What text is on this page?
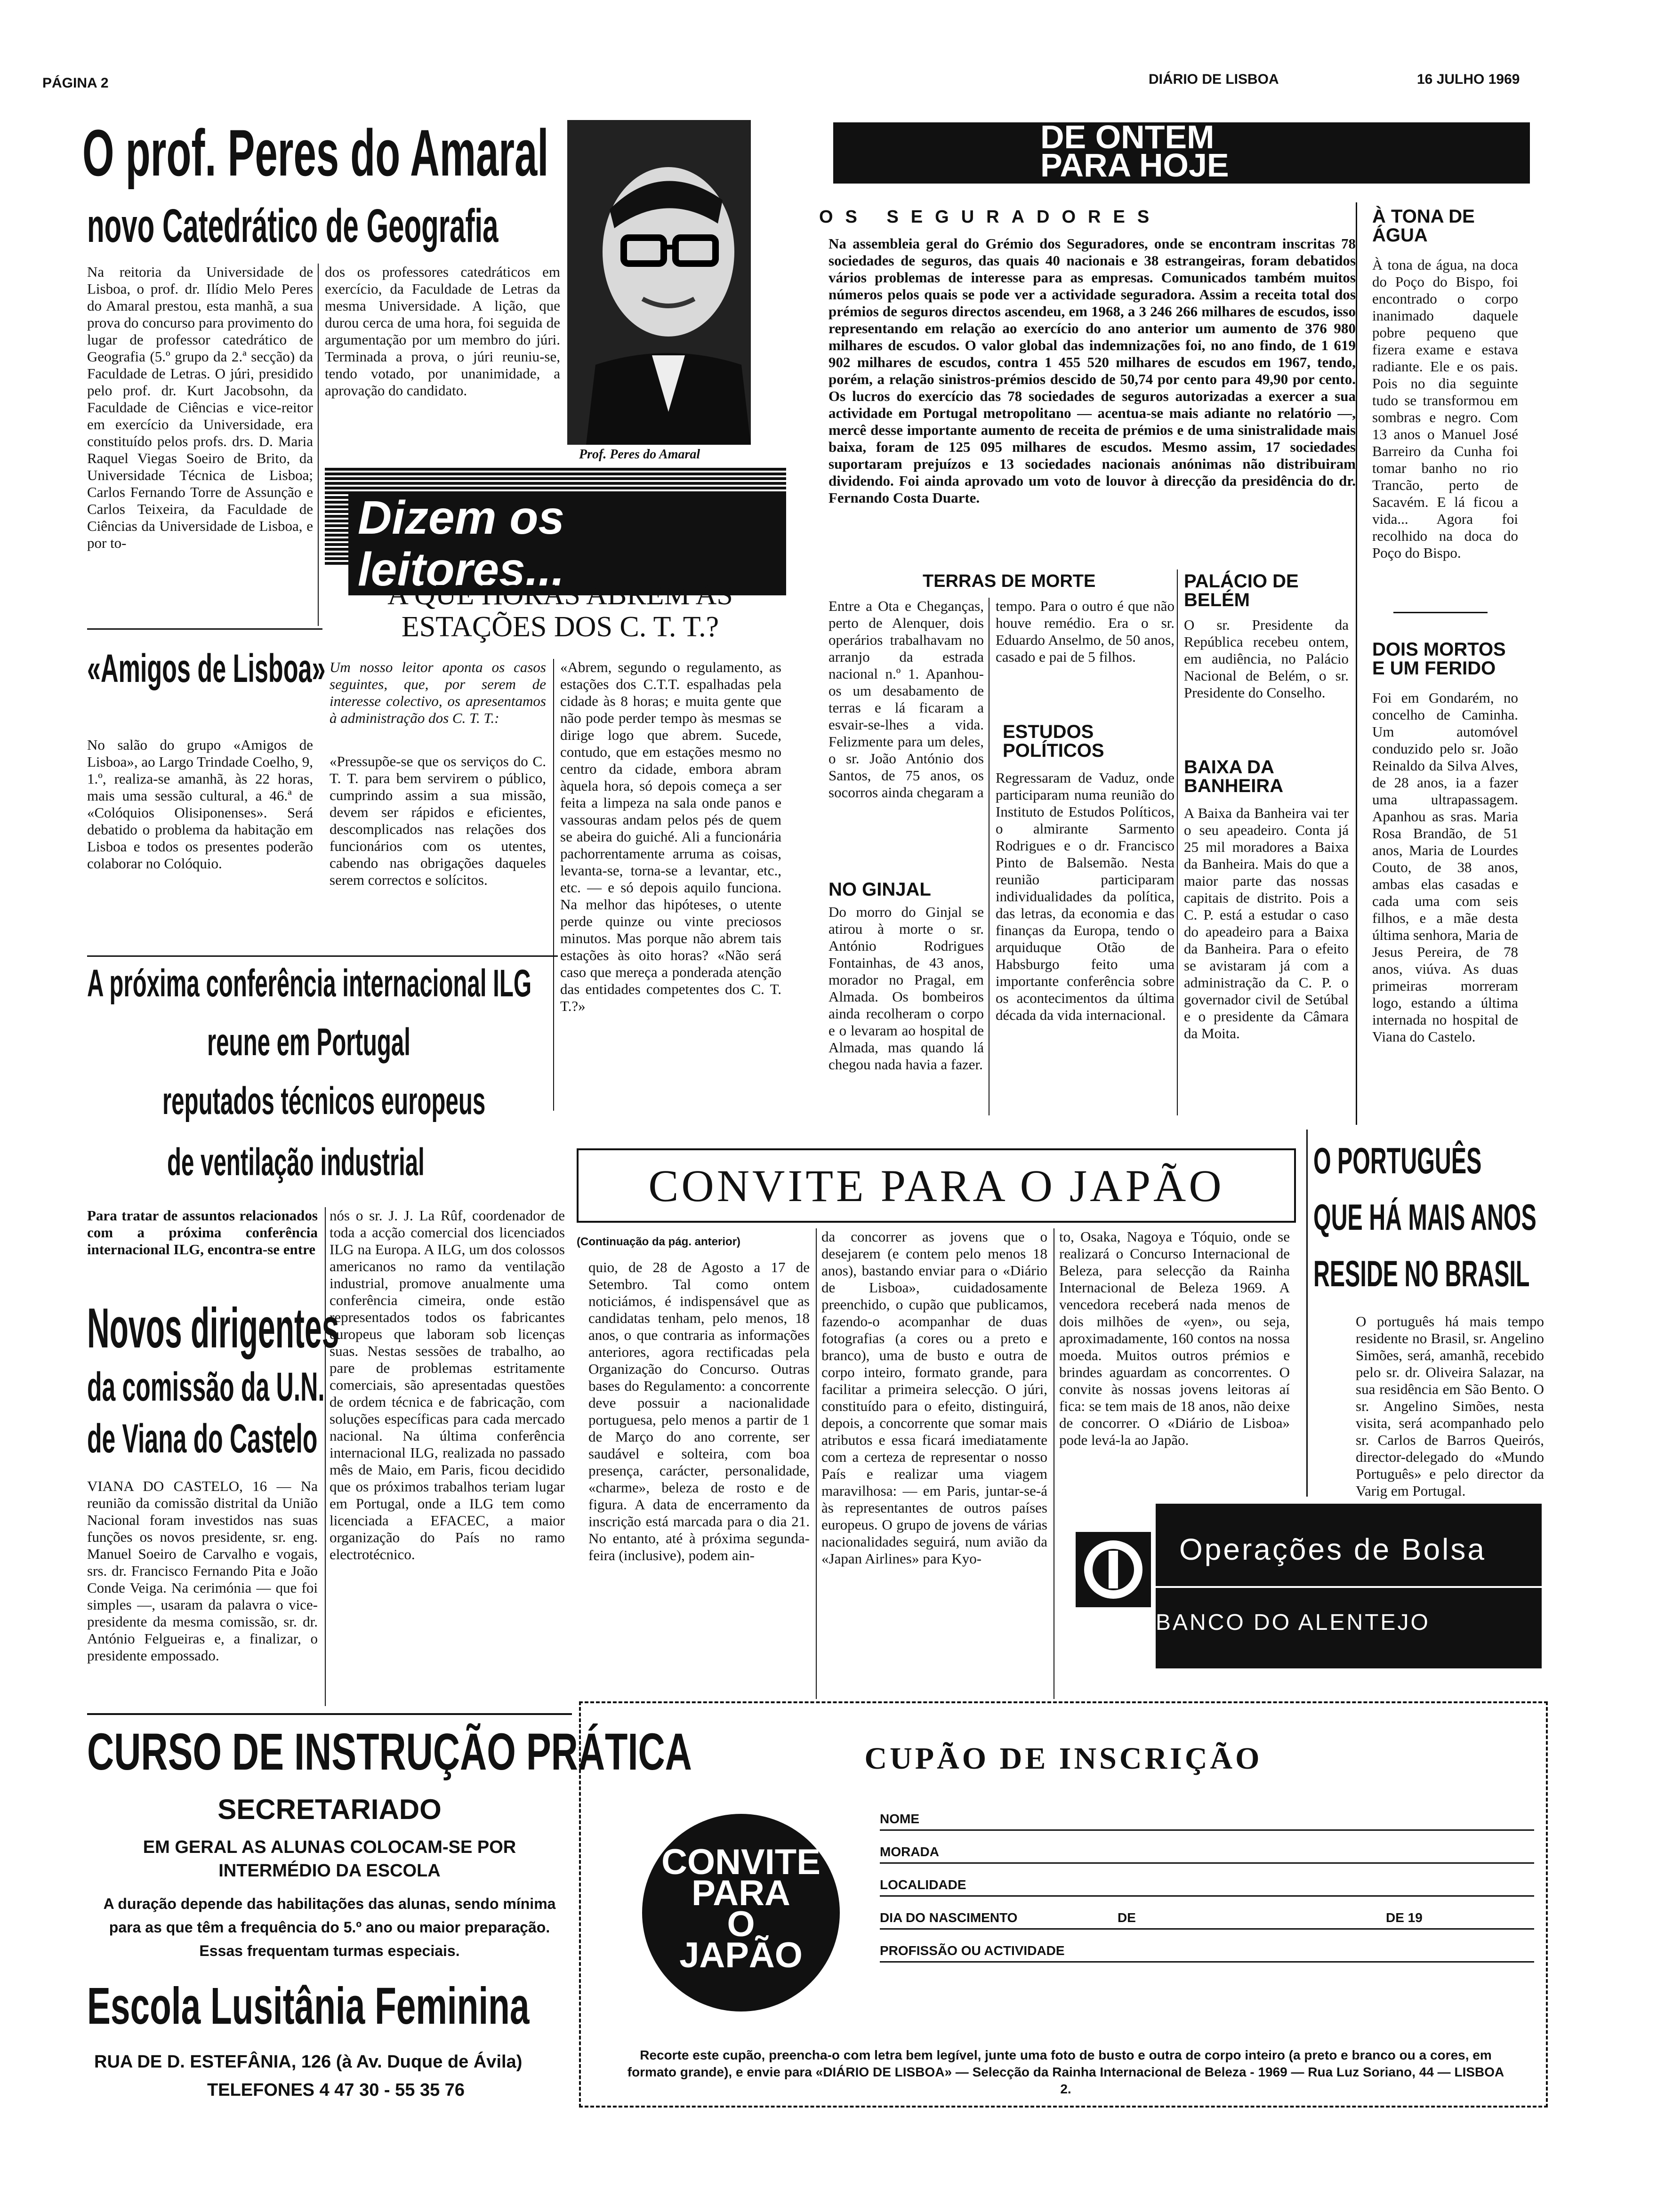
PÁGINA 2	DIÁRIO DE LISBOA	16 JULHO 1969
O prof. Peres do Amaral
novo Catedrático de Geografia
Na reitoria da Universidade de Lisboa, o prof. dr. Ilídio Melo Peres do Amaral prestou, esta manhã, a sua prova do concurso para provimento do lugar de professor catedrático de Geografia (5.º grupo da 2.ª secção) da Faculdade de Letras. O júri, presidido pelo prof. dr. Kurt Jacobsohn, da Faculdade de Ciências e vice-reitor em exercício da Universidade, era constituído pelos profs. drs. D. Maria Raquel Viegas Soeiro de Brito, da Universidade Técnica de Lisboa; Carlos Fernando Torre de Assunção e Carlos Teixeira, da Faculdade de Ciências da Universidade de Lisboa, e por to-
dos os professores catedráticos em exercício, da Faculdade de Letras da mesma Universidade. A lição, que durou cerca de uma hora, foi seguida de argumentação por um membro do júri. Terminada a prova, o júri reuniu-se, tendo votado, por unanimidade, a aprovação do candidato.
Prof. Peres do Amaral
«Amigos de Lisboa»
No salão do grupo «Amigos de Lisboa», ao Largo Trindade Coelho, 9, 1.º, realiza-se amanhã, às 22 horas, mais uma sessão cultural, a 46.ª de «Colóquios Olisiponenses». Será debatido o problema da habitação em Lisboa e todos os presentes poderão colaborar no Colóquio.
Dizem os leitores...
A QUE HORAS ABREM AS ESTAÇÕES DOS C. T. T.?
Um nosso leitor aponta os casos seguintes, que, por serem de interesse colectivo, os apresentamos à administração dos C. T. T.:
«Pressupõe-se que os serviços do C. T. T. para bem servirem o público, cumprindo assim a sua missão, devem ser rápidos e eficientes, descomplicados nas relações dos funcionários com os utentes, cabendo nas obrigações daqueles serem correctos e solícitos.
«Abrem, segundo o regulamento, as estações dos C.T.T. espalhadas pela cidade às 8 horas; e muita gente que não pode perder tempo às mesmas se dirige logo que abrem. Sucede, contudo, que em estações mesmo no centro da cidade, embora abram àquela hora, só depois começa a ser feita a limpeza na sala onde panos e vassouras andam pelos pés de quem se abeira do guiché. Ali a funcionária pachorrentamente arruma as coisas, levanta-se, torna-se a levantar, etc., etc. — e só depois aquilo funciona. Na melhor das hipóteses, o utente perde quinze ou vinte preciosos minutos. Mas porque não abrem tais estações às oito horas? «Não será caso que mereça a ponderada atenção das entidades competentes dos C. T. T.?»
A próxima conferência internacional ILG
reune em Portugal
reputados técnicos europeus
de ventilação industrial
Para tratar de assuntos relacionados com a próxima conferência internacional ILG, encontra-se entre
nós o sr. J. J. La Rûf, coordenador de toda a acção comercial dos licenciados ILG na Europa. A ILG, um dos colossos americanos no ramo da ventilação industrial, promove anualmente uma conferência cimeira, onde estão representados todos os fabricantes europeus que laboram sob licenças suas. Nestas sessões de trabalho, ao pare de problemas estritamente comerciais, são apresentadas questões de ordem técnica e de fabricação, com soluções específicas para cada mercado nacional. Na última conferência internacional ILG, realizada no passado mês de Maio, em Paris, ficou decidido que os próximos trabalhos teriam lugar em Portugal, onde a ILG tem como licenciada a EFACEC, a maior organização do País no ramo electrotécnico.
Novos dirigentes
da comissão da U.N.
de Viana do Castelo
VIANA DO CASTELO, 16 — Na reunião da comissão distrital da União Nacional foram investidos nas suas funções os novos presidente, sr. eng. Manuel Soeiro de Carvalho e vogais, srs. dr. Francisco Fernando Pita e João Conde Veiga. Na cerimónia — que foi simples —, usaram da palavra o vice-presidente da mesma comissão, sr. dr. António Felgueiras e, a finalizar, o presidente empossado.
CURSO DE INSTRUÇÃO PRÁTICA
SECRETARIADO
EM GERAL AS ALUNAS COLOCAM-SE POR INTERMÉDIO DA ESCOLA
A duração depende das habilitações das alunas, sendo mínima para as que têm a frequência do 5.º ano ou maior preparação. Essas frequentam turmas especiais.
Escola Lusitânia Feminina
RUA DE D. ESTEFÂNIA, 126 (à Av. Duque de Ávila)
TELEFONES 4 47 30 - 55 35 76
DE ONTEM
PARA HOJE
OS SEGURADORES
Na assembleia geral do Grémio dos Seguradores, onde se encontram inscritas 78 sociedades de seguros, das quais 40 nacionais e 38 estrangeiras, foram debatidos vários problemas de interesse para as empresas. Comunicados também muitos números pelos quais se pode ver a actividade seguradora. Assim a receita total dos prémios de seguros directos ascendeu, em 1968, a 3 246 266 milhares de escudos, isso representando em relação ao exercício do ano anterior um aumento de 376 980 milhares de escudos. O valor global das indemnizações foi, no ano findo, de 1 619 902 milhares de escudos, contra 1 455 520 milhares de escudos em 1967, tendo, porém, a relação sinistros-prémios descido de 50,74 por cento para 49,90 por cento. Os lucros do exercício das 78 sociedades de seguros autorizadas a exercer a sua actividade em Portugal metropolitano — acentua-se mais adiante no relatório —, mercê desse importante aumento de receita de prémios e de uma sinistralidade mais baixa, foram de 125 095 milhares de escudos. Mesmo assim, 17 sociedades suportaram prejuízos e 13 sociedades nacionais anónimas não distribuiram dividendo. Foi ainda aprovado um voto de louvor à direcção da presidência do dr. Fernando Costa Duarte.
À TONA DE ÁGUA
À tona de água, na doca do Poço do Bispo, foi encontrado o corpo inanimado daquele pobre pequeno que fizera exame e estava radiante. Ele e os pais. Pois no dia seguinte tudo se transformou em sombras e negro. Com 13 anos o Manuel José Barreiro da Cunha foi tomar banho no rio Trancão, perto de Sacavém. E lá ficou a vida... Agora foi recolhido na doca do Poço do Bispo.
TERRAS DE MORTE
Entre a Ota e Cheganças, perto de Alenquer, dois operários trabalhavam no arranjo da estrada nacional n.º 1. Apanhou-os um desabamento de terras e lá ficaram a esvair-se-lhes a vida. Felizmente para um deles, o sr. João António dos Santos, de 75 anos, os socorros ainda chegaram a
tempo. Para o outro é que não houve remédio. Era o sr. Eduardo Anselmo, de 50 anos, casado e pai de 5 filhos.
ESTUDOS POLÍTICOS
Regressaram de Vaduz, onde participaram numa reunião do Instituto de Estudos Políticos, o almirante Sarmento Rodrigues e o dr. Francisco Pinto de Balsemão. Nesta reunião participaram individualidades da política, das letras, da economia e das finanças da Europa, tendo o arquiduque Otão de Habsburgo feito uma importante conferência sobre os acontecimentos da última década da vida internacional.
NO GINJAL
Do morro do Ginjal se atirou à morte o sr. António Rodrigues Fontainhas, de 43 anos, morador no Pragal, em Almada. Os bombeiros ainda recolheram o corpo e o levaram ao hospital de Almada, mas quando lá chegou nada havia a fazer.
PALÁCIO DE BELÉM
O sr. Presidente da República recebeu ontem, em audiência, no Palácio Nacional de Belém, o sr. Presidente do Conselho.
BAIXA DA BANHEIRA
A Baixa da Banheira vai ter o seu apeadeiro. Conta já 25 mil moradores a Baixa da Banheira. Mais do que a maior parte das nossas capitais de distrito. Pois a C. P. está a estudar o caso do apeadeiro para a Baixa da Banheira. Para o efeito se avistaram já com a administração da C. P. o governador civil de Setúbal e o presidente da Câmara da Moita.
DOIS MORTOS E UM FERIDO
Foi em Gondarém, no concelho de Caminha. Um automóvel conduzido pelo sr. João Reinaldo da Silva Alves, de 28 anos, ia a fazer uma ultrapassagem. Apanhou as sras. Maria Rosa Brandão, de 51 anos, Maria de Lourdes Couto, de 38 anos, ambas elas casadas e cada uma com seis filhos, e a mãe desta última senhora, Maria de Jesus Pereira, de 78 anos, viúva. As duas primeiras morreram logo, estando a última internada no hospital de Viana do Castelo.
CONVITE PARA O JAPÃO
(Continuação da pág. anterior)
quio, de 28 de Agosto a 17 de Setembro. Tal como ontem noticiámos, é indispensável que as candidatas tenham, pelo menos, 18 anos, o que contraria as informações anteriores, agora rectificadas pela Organização do Concurso. Outras bases do Regulamento: a concorrente deve possuir a nacionalidade portuguesa, pelo menos a partir de 1 de Março do ano corrente, ser saudável e solteira, com boa presença, carácter, personalidade, «charme», beleza de rosto e de figura. A data de encerramento da inscrição está marcada para o dia 21. No entanto, até à próxima segunda-feira (inclusive), podem ain-
da concorrer as jovens que o desejarem (e contem pelo menos 18 anos), bastando enviar para o «Diário de Lisboa», cuidadosamente preenchido, o cupão que publicamos, fazendo-o acompanhar de duas fotografias (a cores ou a preto e branco), uma de busto e outra de corpo inteiro, formato grande, para facilitar a primeira selecção. O júri, constituído para o efeito, distinguirá, depois, a concorrente que somar mais atributos e essa ficará imediatamente com a certeza de representar o nosso País e realizar uma viagem maravilhosa: — em Paris, juntar-se-á às representantes de outros países europeus. O grupo de jovens de várias nacionalidades seguirá, num avião da «Japan Airlines» para Kyo-
to, Osaka, Nagoya e Tóquio, onde se realizará o Concurso Internacional de Beleza, para selecção da Rainha Internacional de Beleza 1969. A vencedora receberá nada menos de dois milhões de «yen», ou seja, aproximadamente, 160 contos na nossa moeda. Muitos outros prémios e brindes aguardam as concorrentes. O convite às nossas jovens leitoras aí fica: se tem mais de 18 anos, não deixe de concorrer. O «Diário de Lisboa» pode levá-la ao Japão.
O PORTUGUÊS
QUE HÁ MAIS ANOS
RESIDE NO BRASIL
O português há mais tempo residente no Brasil, sr. Angelino Simões, será, amanhã, recebido pelo sr. dr. Oliveira Salazar, na sua residência em São Bento. O sr. Angelino Simões, nesta visita, será acompanhado pelo sr. Carlos de Barros Queirós, director-delegado do «Mundo Português» e pelo director da Varig em Portugal.
Operações de Bolsa
BANCO DO ALENTEJO
CUPÃO DE INSCRIÇÃO
CONVITE
PARA
O
JAPÃO
NOME
MORADA
LOCALIDADE
DIA DO NASCIMENTO	DE	DE 19
PROFISSÃO OU ACTIVIDADE
Recorte este cupão, preencha-o com letra bem legível, junte uma foto de busto e outra de corpo inteiro (a preto e branco ou a cores, em formato grande), e envie para «DIÁRIO DE LISBOA» — Selecção da Rainha Internacional de Beleza - 1969 — Rua Luz Soriano, 44 — LISBOA 2.
